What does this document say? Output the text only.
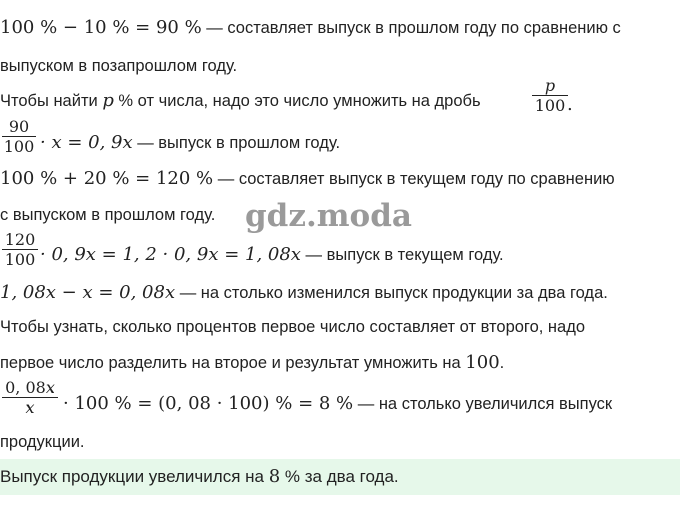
100 % − 10 % = 90 % — составляет выпуск в прошлом году по сравнению с
выпуском в позапрошлом году.
Чтобы найти p % от числа, надо это число умножить на дробь
p
100 .
90
100 · x = 0, 9x — выпуск в прошлом году.
100 % + 20 % = 120 % — составляет выпуск в текущем году по сравнению
с выпуском в прошлом году. gdz.moda
120
100 · 0, 9x = 1, 2 · 0, 9x = 1, 08x — выпуск в текущем году.
1, 08x − x = 0, 08x — на столько изменился выпуск продукции за два года.
Чтобы узнать, сколько процентов первое число составляет от второго, надо
первое число разделить на второе и результат умножить на 100.
0, 08x
x	· 100 % = (0, 08 · 100) % = 8 % — на столько увеличился выпуск
продукции.
Выпуск продукции увеличился на 8 % за два года.
